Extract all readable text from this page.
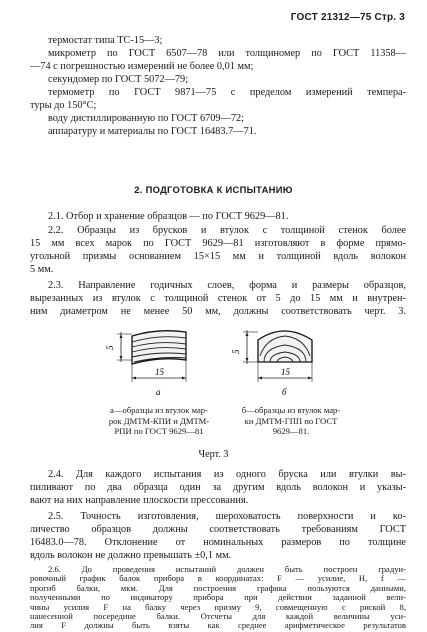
ГОСТ 21312—75 Стр. 3
термостат типа ТС-15—3;
микрометр по ГОСТ 6507—78 или толщиномер по ГОСТ 11358—
—74 с погрешностью измерений не более 0,01 мм;
секундомер по ГОСТ 5072—79;
термометр по ГОСТ 9871—75 с пределом измерений темпера-
туры до 150°С;
воду дистиллированную по ГОСТ 6709—72;
аппаратуру и материалы по ГОСТ 16483.7—71.
2. ПОДГОТОВКА К ИСПЫТАНИЮ
2.1. Отбор и хранение образцов — по ГОСТ 9629—81.
2.2. Образцы из брусков и втулок с толщиной стенок более
15 мм всех марок по ГОСТ 9629—81 изготовляют в форме прямо-
угольной призмы основанием 15×15 мм и толщиной вдоль волокон
5 мм.
2.3. Направление годичных слоев, форма и размеры образцов,
вырезанных из втулок с толщиной стенок от 5 до 15 мм и внутрен-
ним диаметром не менее 50 мм, должны соответствовать черт. 3.
5
15
а
5
15
б
а—образцы из втулок мар-
рок ДМТМ-КПИ и ДМТМ-
РПИ по ГОСТ 9629—81
б—образцы из втулок мар-
ки ДМТМ-ГПП по ГОСТ
9629—81.
Черт. 3
2.4. Для каждого испытания из одного бруска или втулки вы-
пиливают по два образца один за другим вдоль волокон и указы-
вают на них направление плоскости прессования.
2.5. Точность изготовления, шероховатость поверхности и ко-
личество образцов должны соответствовать требованиям ГОСТ
16483.0—78. Отклонение от номинальных размеров по толщине
вдоль волокон не должно превышать ±0,1 мм.
2.6. До проведения испытаний должен быть построен градуи-
ровочный график балок прибора в координатах: F — усилие, Н, f —
прогиб балки, мкм. Для построения графика пользуются данными,
полученными по индикатору прибора при действии заданной вели-
чины усилия F на балку через призму 9, совмещенную с риской 8,
нанесенной посередине балки. Отсчеты для каждой величины уси-
лия F должны быть взяты как среднее арифметическое результатов
